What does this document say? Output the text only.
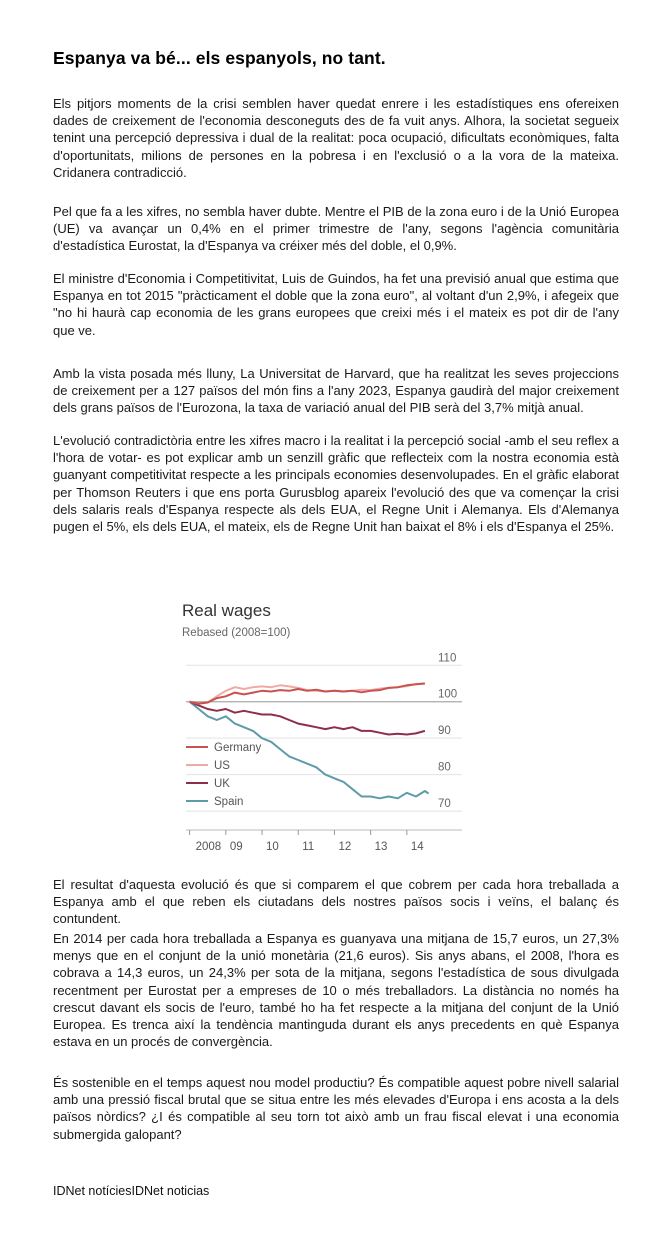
Espanya va bé... els espanyols, no tant.

Els pitjors moments de la crisi semblen haver quedat enrere i les estadístiques ens ofereixen dades de creixement de l'economia desconeguts des de fa vuit anys. Alhora, la societat segueix tenint una percepció depressiva i dual de la realitat: poca ocupació, dificultats econòmiques, falta d'oportunitats, milions de persones en la pobresa i en l'exclusió o a la vora de la mateixa. Cridanera contradicció.

Pel que fa a les xifres, no sembla haver dubte. Mentre el PIB de la zona euro i de la Unió Europea (UE) va avançar un 0,4% en el primer trimestre de l'any, segons l'agència comunitària d'estadística Eurostat, la d'Espanya va créixer més del doble, el 0,9%.

El ministre d'Economia i Competitivitat, Luis de Guindos, ha fet una previsió anual que estima que Espanya en tot 2015 "pràcticament el doble que la zona euro", al voltant d'un 2,9%, i afegeix que "no hi haurà cap economia de les grans europees que creixi més i el mateix es pot dir de l'any que ve.

Amb la vista posada més lluny, La Universitat de Harvard, que ha realitzat les seves projeccions de creixement per a 127 països del món fins a l'any 2023, Espanya gaudirà del major creixement dels grans països de l'Eurozona, la taxa de variació anual del PIB serà del 3,7% mitjà anual.

L'evolució contradictòria entre les xifres macro i la realitat i la percepció social -amb el seu reflex a l'hora de votar- es pot explicar amb un senzill gràfic que reflecteix com la nostra economia està guanyant competitivitat respecte a les principals economies desenvolupades. En el gràfic elaborat per Thomson Reuters i que ens porta Gurusblog apareix l'evolució des que va començar la crisi dels salaris reals d'Espanya respecte als dels EUA, el Regne Unit i Alemanya. Els d'Alemanya pugen el 5%, els dels EUA, el mateix, els de Regne Unit han baixat el 8% i els d'Espanya el 25%.

El resultat d'aquesta evolució és que si comparem el que cobrem per cada hora treballada a Espanya amb el que reben els ciutadans dels nostres països socis i veïns, el balanç és contundent.

En 2014 per cada hora treballada a Espanya es guanyava una mitjana de 15,7 euros, un 27,3% menys que en el conjunt de la unió monetària (21,6 euros). Sis anys abans, el 2008, l'hora es cobrava a 14,3 euros, un 24,3% per sota de la mitjana, segons l'estadística de sous divulgada recentment per Eurostat per a empreses de 10 o més treballadors. La distància no només ha crescut davant els socis de l'euro, també ho ha fet respecte a la mitjana del conjunt de la Unió Europea. Es trenca així la tendència mantinguda durant els anys precedents en què Espanya estava en un procés de convergència.

És sostenible en el temps aquest nou model productiu? És compatible aquest pobre nivell salarial amb una pressió fiscal brutal que se situa entre les més elevades d'Europa i ens acosta a la dels països nòrdics? ¿I és compatible al seu torn tot això amb un frau fiscal elevat i una economia submergida galopant?

IDNet notíciesIDNet noticias
Real wages
Rebased (2008=100)
70
80
90
100
110
2008 09 10 11 12 13 14
Germany
US
UK
Spain
